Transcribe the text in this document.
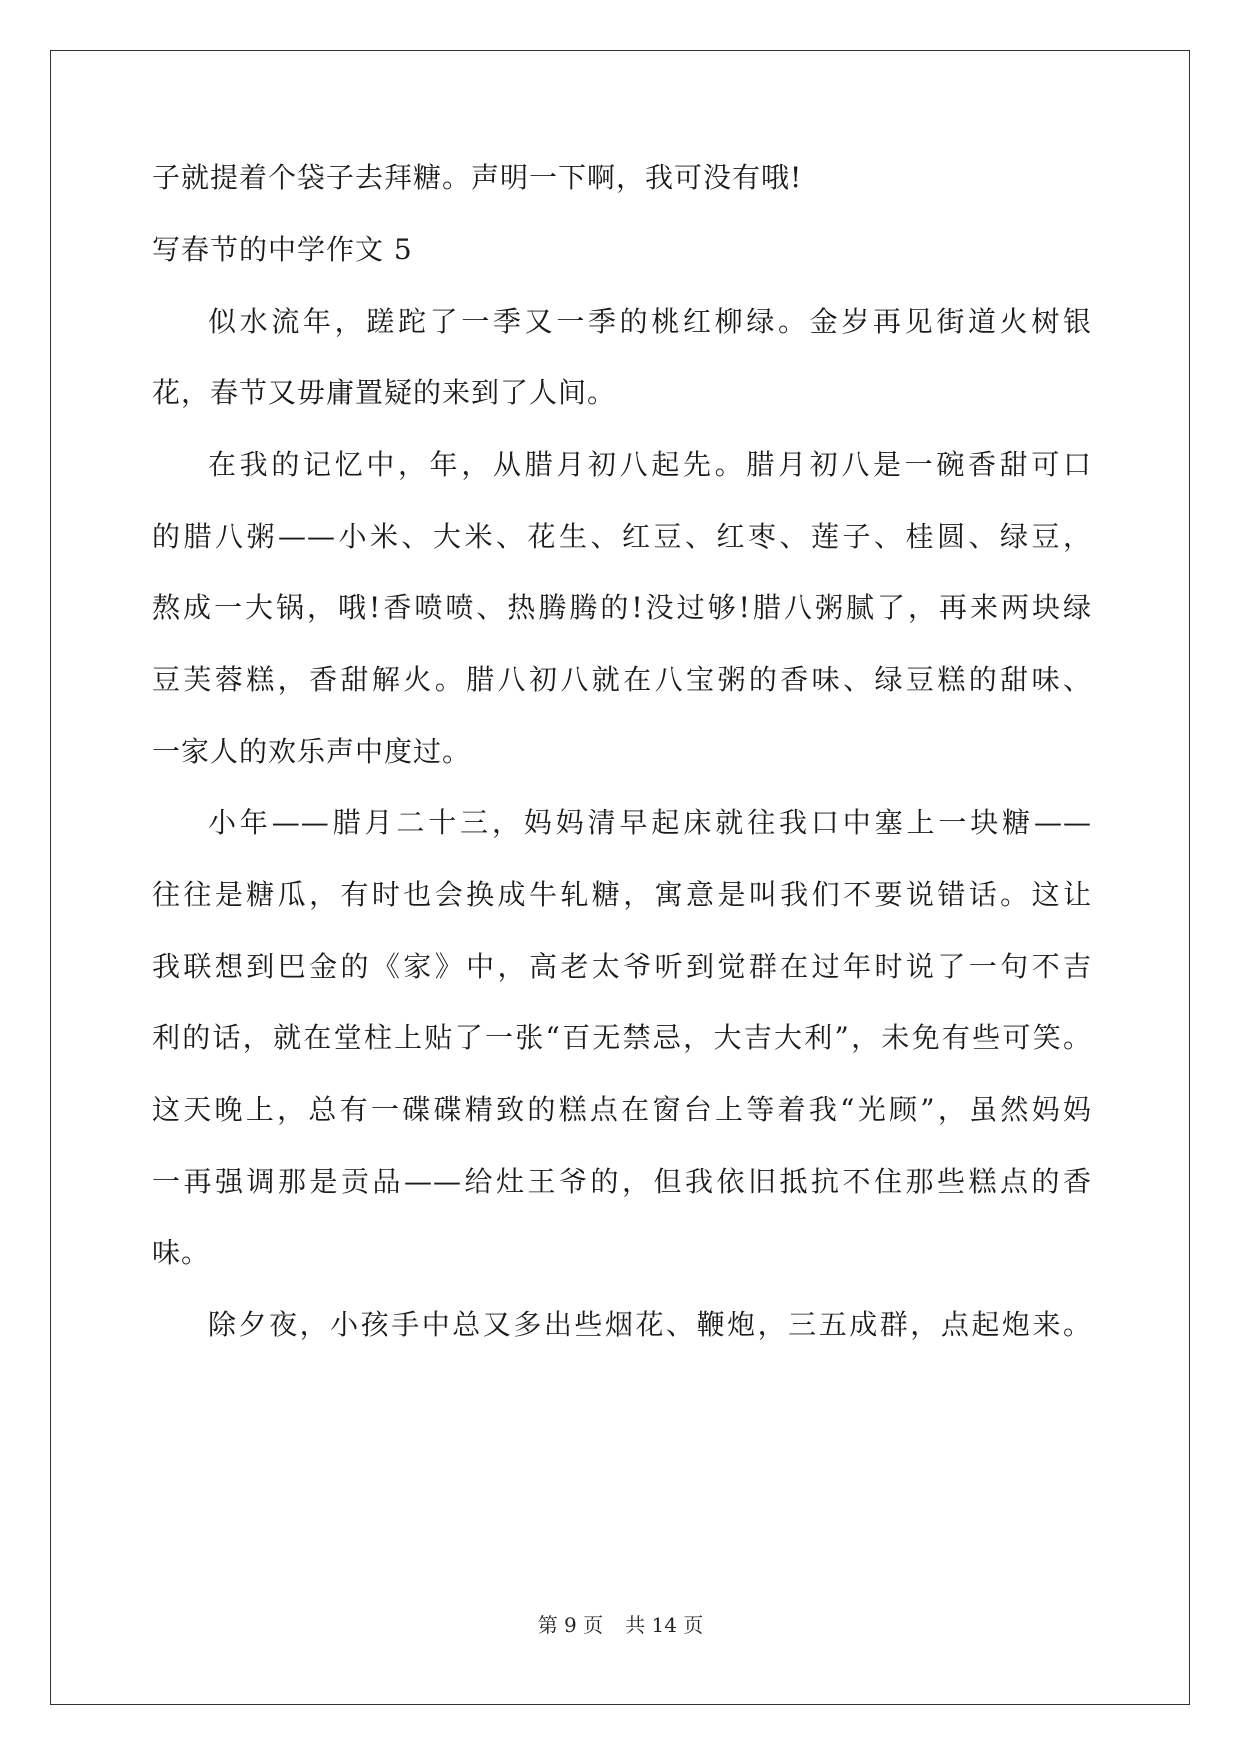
子就提着个袋子去拜糖。声明一下啊，我可没有哦!
写春节的中学作文 5
似水流年，蹉跎了一季又一季的桃红柳绿。金岁再见街道火树银
花，春节又毋庸置疑的来到了人间。
在我的记忆中，年，从腊月初八起先。腊月初八是一碗香甜可口
的腊八粥——小米、大米、花生、红豆、红枣、莲子、桂圆、绿豆，
熬成一大锅，哦!香喷喷、热腾腾的!没过够!腊八粥腻了，再来两块绿
豆芙蓉糕，香甜解火。腊八初八就在八宝粥的香味、绿豆糕的甜味、
一家人的欢乐声中度过。
小年——腊月二十三，妈妈清早起床就往我口中塞上一块糖——
往往是糖瓜，有时也会换成牛轧糖，寓意是叫我们不要说错话。这让
我联想到巴金的《家》中，高老太爷听到觉群在过年时说了一句不吉
利的话，就在堂柱上贴了一张“百无禁忌，大吉大利”，未免有些可笑。
这天晚上，总有一碟碟精致的糕点在窗台上等着我“光顾”，虽然妈妈
一再强调那是贡品——给灶王爷的，但我依旧抵抗不住那些糕点的香
味。
除夕夜，小孩手中总又多出些烟花、鞭炮，三五成群，点起炮来。
第 9 页 共 14 页
